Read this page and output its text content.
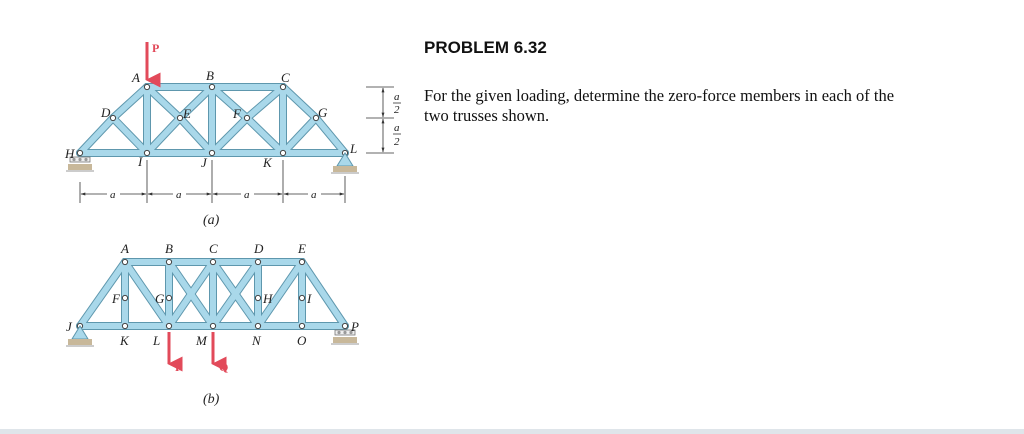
P
A	B	C
D	E	F	G
H
I	J	K
L
a	a	a	a
a
2
a
2
(a)
P	Q
A	B	C	D	E
F	G	H	I
J
K L	M	N	O
P
(b)
PROBLEM 6.32

For the given loading, determine the zero-force members in each of the two trusses shown.
